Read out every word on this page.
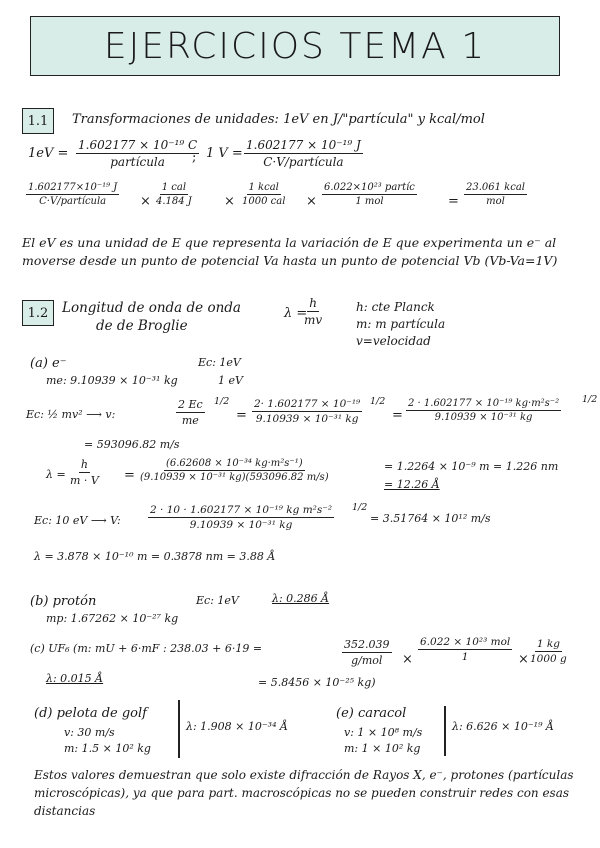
EJERCICIOS TEMA 1
1.1 Transformaciones de unidades: 1eV en J/"partícula" y kcal/mol
1eV =
1.602177 × 10⁻¹⁹ C
partícula ; 1 V =
1.602177 × 10⁻¹⁹ J
C·V/partícula
1.602177×10⁻¹⁹ J
C·V/partícula	×
1 cal
4.184 J ×
1 kcal
1000 cal ×
6.022×10²³ partíc
1 mol	=
23.061 kcal
mol
El eV es una unidad de E que representa la variación de E que experimenta un e⁻ al moverse desde un punto de potencial Va hasta un punto de potencial Vb (Vb-Va=1V)
1.2 Longitud de onda de onda
de de Broglie
λ =
$\frac{h}{mv}$	h: cte Planck
m: m partícula
v=velocidad
(a) e⁻
me: 9.10939 × 10⁻³¹ kg
Ec: 1eV
1 eV
Ec: ½ mv² ⟶ v:	$\frac{2 Ec}{me} 1/2$
= $\frac{\text{2· 1.602177 × 10⁻¹⁹}}{\text{9.10939 × 10⁻³¹ kg}} 1/2$
= $\frac{\text{2 · 1.602177 × 10⁻¹⁹ kg·m²s⁻²}}{\text{9.10939 × 10⁻³¹ kg}} 1/2$
= 593096.82 m/s
$\lambda = \frac{h}{m \cdot V} = \frac{\text{(6.62608 × 10⁻³⁴ kg·m²s⁻¹)}}{\text{(9.10939 × 10⁻³¹ kg)(593096.82 m/s)}}$	= 1.2264 × 10⁻⁹ m = 1.226 nm
= 12.26 Å
Ec: 10 eV ⟶ V:	$\frac{\text{2 · 10 · 1.602177 × 10⁻¹⁹ kg m²s⁻²}}{\text{9.10939 × 10⁻³¹ kg}} 1/2$
= 3.51764 × 10¹² m/s
λ = 3.878 × 10⁻¹⁰ m = 0.3878 nm = 3.88 Å
(b) protón
mp: 1.67262 × 10⁻²⁷ kg
Ec: 1eV	λ: 0.286 Å
(c) UF₆ (m: mU + 6·mF : 238.03 + 6·19 =	352.039
g/mol ×
6.022 × 10²³ mol
1	× $\frac{1 kg}{1000 g}$
λ: 0.015 Å	= 5.8456 × 10⁻²⁵ kg)
(d) pelota de golf
v: 30 m/s
m: 1.5 × 10² kg
λ: 1.908 × 10⁻³⁴ Å
(e) caracol
v: 1 × 10⁸ m/s
m: 1 × 10² kg
λ: 6.626 × 10⁻¹⁹ Å
Estos valores demuestran que solo existe difracción de Rayos X, e⁻, protones (partículas microscópicas), ya que para part. macroscópicas no se pueden construir redes con esas distancias
